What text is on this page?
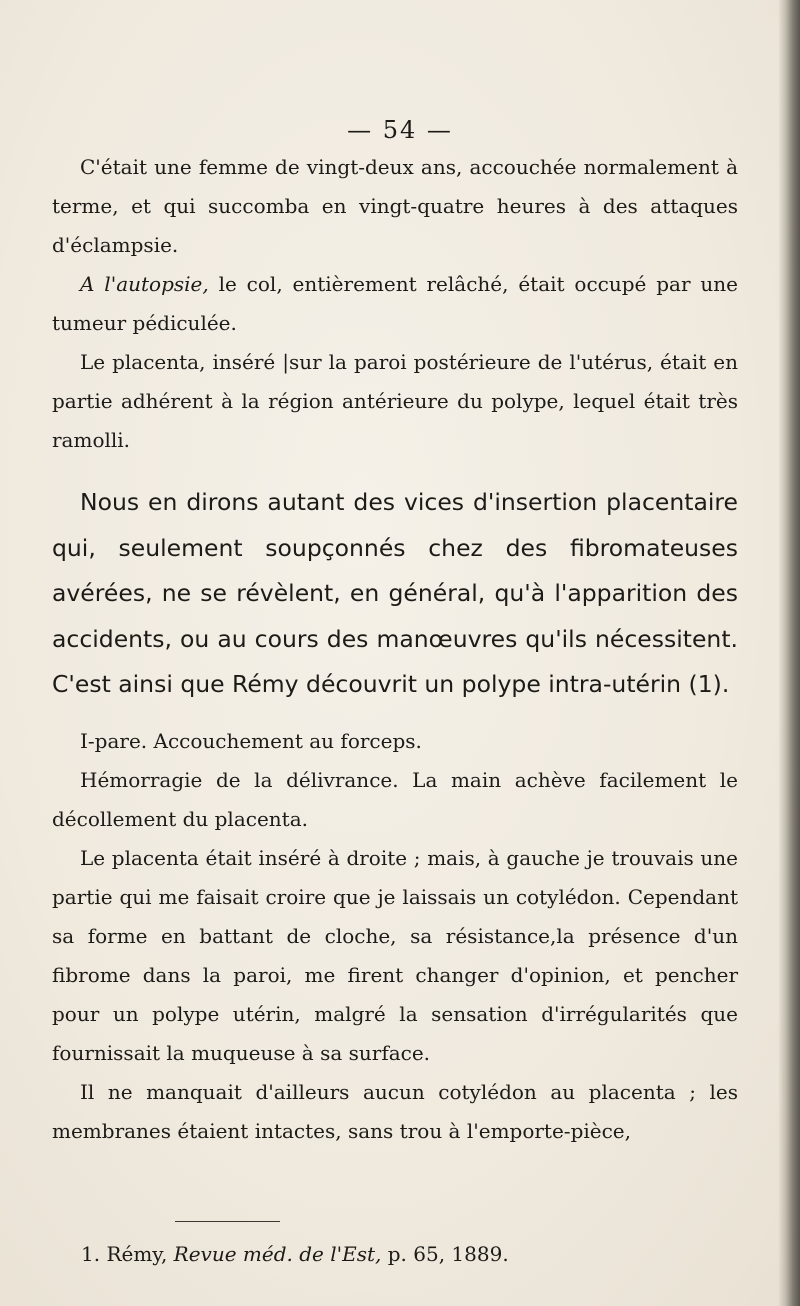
— 54 —

C'était une femme de vingt-deux ans, accouchée normalement à terme, et qui succomba en vingt-quatre heures à des attaques d'éclampsie.

A l'autopsie, le col, entièrement relâché, était occupé par une tumeur pédiculée.

Le placenta, inséré |sur la paroi postérieure de l'utérus, était en partie adhérent à la région antérieure du polype, lequel était très ramolli.

Nous en dirons autant des vices d'insertion placentaire qui, seulement soupçonnés chez des fibromateuses avérées, ne se révèlent, en général, qu'à l'apparition des accidents, ou au cours des manœuvres qu'ils nécessitent. C'est ainsi que Rémy découvrit un polype intra-utérin (1).

I-pare. Accouchement au forceps.

Hémorragie de la délivrance. La main achève facilement le décollement du placenta.

Le placenta était inséré à droite ; mais, à gauche je trouvais une partie qui me faisait croire que je laissais un cotylédon. Cependant sa forme en battant de cloche, sa résistance,la présence d'un fibrome dans la paroi, me firent changer d'opinion, et pencher pour un polype utérin, malgré la sensation d'irrégularités que fournissait la muqueuse à sa surface.

Il ne manquait d'ailleurs aucun cotylédon au placenta ; les membranes étaient intactes, sans trou à l'emporte-pièce,

1. Rémy, Revue méd. de l'Est, p. 65, 1889.
